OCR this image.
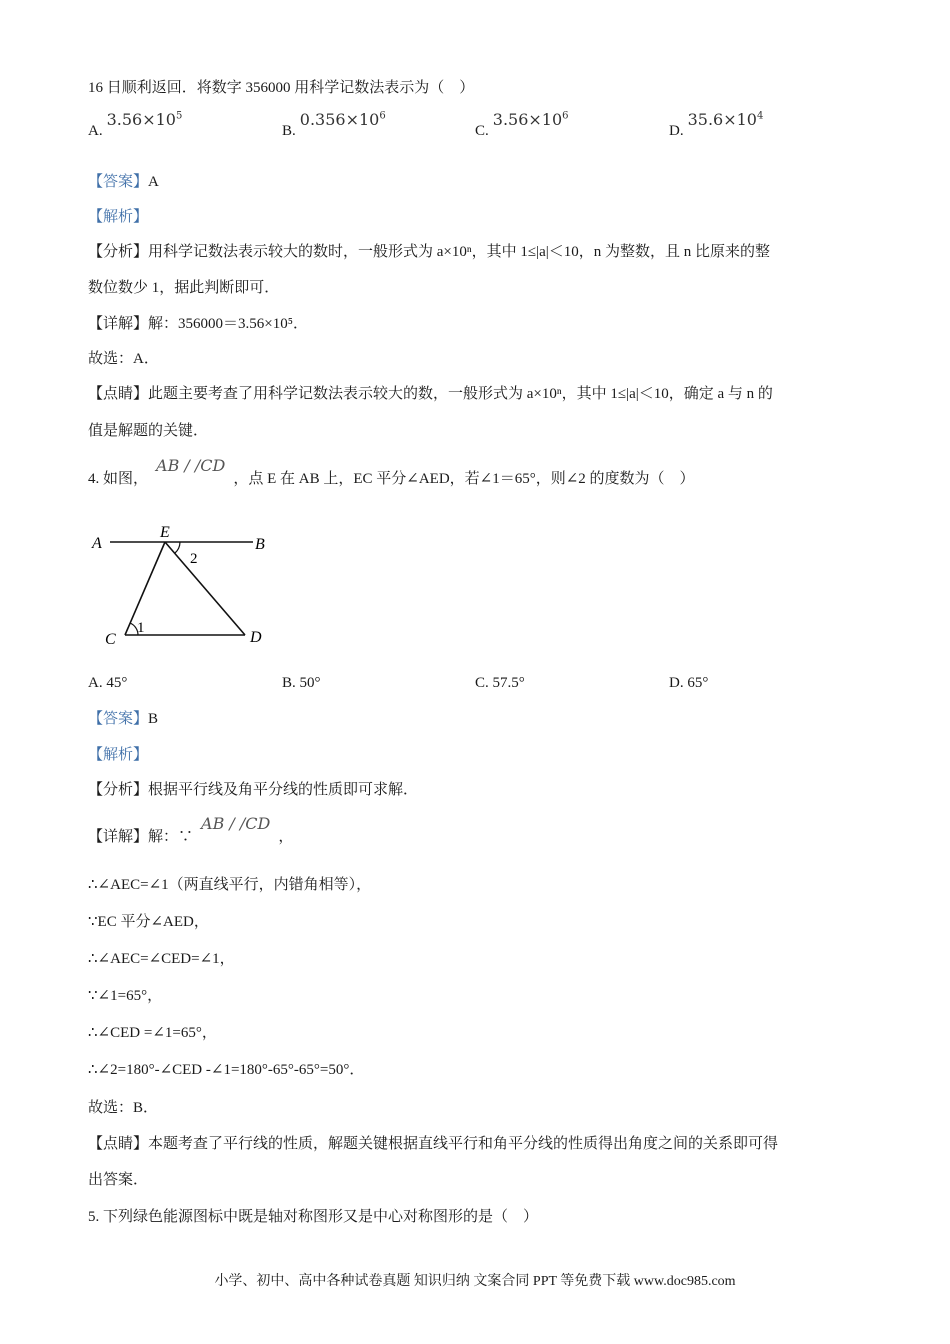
16 日顺利返回．将数字 356000 用科学记数法表示为（　）
$A.3.56\times 10^5$
$B.0.356\times 10^6$
$C.3.56\times 10^6$
$D.35.6\times 10^4$
【答案】A
【解析】
【分析】用科学记数法表示较大的数时，一般形式为 a×10ⁿ，其中 1≤|a|＜10，n 为整数，且 n 比原来的整
数位数少 1，据此判断即可．
【详解】解：356000＝3.56×10⁵．
故选：A．
【点睛】此题主要考查了用科学记数法表示较大的数，一般形式为 a×10ⁿ，其中 1≤|a|＜10，确定 a 与 n 的
值是解题的关键．
4. 如图，AB / /CD，点 E 在 AB 上，EC 平分∠AED，若∠1＝65°，则∠2 的度数为（　）
A
E
B
C	D
1
2
A. 45°	B. 50°	C. 57.5°	D. 65°
【答案】B
【解析】
【分析】根据平行线及角平分线的性质即可求解．
【详解】解：∵AB / /CD，
∴∠AEC=∠1（两直线平行，内错角相等），
∵EC 平分∠AED，
∴∠AEC=∠CED=∠1，
∵∠1=65°，
∴∠CED =∠1=65°，
∴∠2=180°-∠CED -∠1=180°-65°-65°=50°．
故选：B．
【点睛】本题考查了平行线的性质，解题关键根据直线平行和角平分线的性质得出角度之间的关系即可得
出答案．
5. 下列绿色能源图标中既是轴对称图形又是中心对称图形的是（　）
小学、初中、高中各种试卷真题 知识归纳 文案合同 PPT 等免费下载 www.doc985.com
